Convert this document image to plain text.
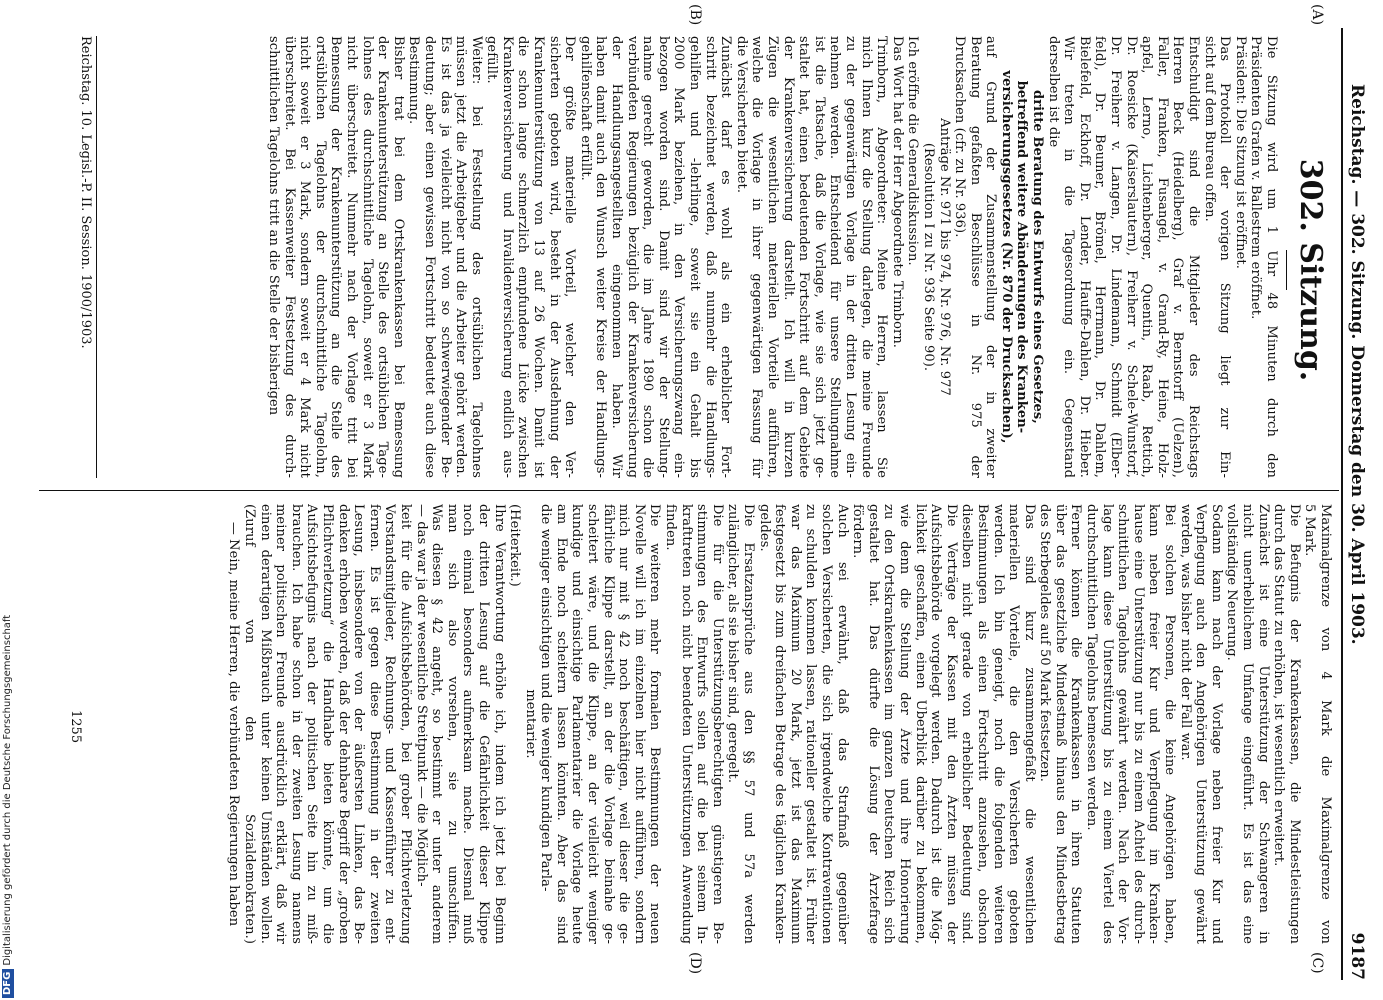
Reichstag. — 302. Sitzung. Donnerstag den 30. April 1903.
9187
302. Sitzung.
(A)
(B)
(C)
(D)
Die Sitzung wird um 1 Uhr 48 Minuten durch den
Präsidenten Grafen v. Ballestrem eröffnet.
Präsident: Die Sitzung ist eröffnet.
Das Protokoll der vorigen Sitzung liegt zur Ein-
sicht auf dem Bureau offen.
Entschuldigt sind die Mitglieder des Reichstags
Herren Beck (Heidelberg), Graf v. Bernstorff (Uelzen),
Faller, Franken, Fusangel, v. Grand-Ry, Heine, Holz-
apfel, Lerno, Lichtenberger, Quentin, Raab, Rettich,
Dr. Roesicke (Kaiserslautern), Freiherr v. Schele-Wunstorf,
Dr. Freiherr v. Langen, Dr. Lindemann, Schmidt (Elber-
feld), Dr. Beumer, Brömel, Herrmann, Dr. Dahlem,
Bielefeld, Eckhoff, Dr. Lender, Hauffe-Dahlen, Dr. Hieber.
Wir treten in die Tagesordnung ein. Gegenstand
derselben ist die
dritte Beratung des Entwurfs eines Gesetzes,
betreffend weitere Abänderungen des Kranken-
versicherungsgesetzes (Nr. 870 der Drucksachen),
auf Grund der Zusammenstellung der in zweiter
Beratung gefaßten Beschlüsse in Nr. 975 der
Drucksachen (cfr. zu Nr. 936).
Anträge Nr. 971 bis 974, Nr. 976, Nr. 977
(Resolution I zu Nr. 936 Seite 90).
Ich eröffne die Generaldiskussion.
Das Wort hat der Herr Abgeordnete Trimborn.
Trimborn, Abgeordneter: Meine Herren, lassen Sie
mich Ihnen kurz die Stellung darlegen, die meine Freunde
zu der gegenwärtigen Vorlage in der dritten Lesung ein-
nehmen werden. Entscheidend für unsere Stellungnahme
ist die Tatsache, daß die Vorlage, wie sie sich jetzt ge-
staltet hat, einen bedeutenden Fortschritt auf dem Gebiete
der Krankenversicherung darstellt. Ich will in kurzen
Zügen die wesentlichen materiellen Vorteile aufführen,
welche die Vorlage in ihrer gegenwärtigen Fassung für
die Versicherten bietet.
Zunächst darf es wohl als ein erheblicher Fort-
schritt bezeichnet werden, daß nunmehr die Handlungs-
gehilfen und -lehrlinge, soweit sie ein Gehalt bis
2000 Mark beziehen, in den Versicherungszwang ein-
bezogen worden sind. Damit sind wir der Stellung-
nahme gerecht geworden, die im Jahre 1890 schon die
verbündeten Regierungen bezüglich der Krankenversicherung
der Handlungsangestellten eingenommen haben. Wir
haben damit auch den Wunsch weiter Kreise der Handlungs-
gehilfenschaft erfüllt.
Der größte materielle Vorteil, welcher den Ver-
sicherten geboten wird, besteht in der Ausdehnung der
Krankenunterstützung von 13 auf 26 Wochen. Damit ist
die schon lange schmerzlich empfundene Lücke zwischen
Krankenversicherung und Invalidenversicherung endlich aus-
gefüllt.
Weiter: bei Feststellung des ortsüblichen Tagelohnes
müssen jetzt die Arbeitgeber und die Arbeiter gehört werden.
Es ist das ja vielleicht nicht von so schwerwiegender Be-
deutung; aber einen gewissen Fortschritt bedeutet auch diese
Bestimmung.
Bisher trat bei dem Ortskrankenkassen bei Bemessung
der Krankenunterstützung an Stelle des ortsüblichen Tage-
lohnes des durchschnittliche Tagelohn, soweit er 3 Mark
nicht überschreitet. Nunmehr nach der Vorlage tritt bei
Bemessung der Krankenunterstützung an die Stelle des
ortsüblichen Tagelohns der durchschnittliche Tagelohn,
nicht soweit er 3 Mark, sondern soweit er 4 Mark nicht
überschreitet. Bei Kassenweiter Festsetzung des durch-
schnittlichen Tagelohns tritt an die Stelle der bisherigen
Reichstag. 10. Legisl.-P. II. Session. 1900/1903.
Maximalgrenze von 4 Mark die Maximalgrenze von
5 Mark.
Die Befugnis der Krankenkassen, die Mindestleistungen
durch das Statut zu erhöhen, ist wesentlich erweitert.
Zunächst ist eine Unterstützung der Schwangeren in
nicht unerheblichem Umfange eingeführt. Es ist das eine
vollständige Neuerung.
Sodann kann nach der Vorlage neben freier Kur und
Verpflegung auch den Angehörigen Unterstützung gewährt
werden, was bisher nicht der Fall war.
Bei solchen Personen, die keine Angehörigen haben,
kann neben freier Kur und Verpflegung im Kranken-
hause eine Unterstützung nur bis zu einem Achtel des durch-
schnittlichen Tagelohns gewährt werden. Nach der Vor-
lage kann diese Unterstützung bis zu einem Viertel des
durchschnittlichen Tagelohns bemessen werden.
Ferner können die Krankenkassen in ihren Statuten
über das gesetzliche Mindestmaß hinaus den Mindestbetrag
des Sterbegeldes auf 50 Mark festsetzen.
Das sind kurz zusammengefaßt die wesentlichen
materiellen Vorteile, die den Versicherten geboten
werden. Ich bin geneigt, noch die folgenden weiteren
Bestimmungen als einen Fortschritt anzusehen, obschon
dieselben nicht gerade von erheblicher Bedeutung sind.
Die Verträge der Kassen mit den Ärzten müssen der
Aufsichtsbehörde vorgelegt werden. Dadurch ist die Mög-
lichkeit geschaffen, einen Überblick darüber zu bekommen,
wie denn die Stellung der Ärzte und ihre Honorierung
zu den Ortskrankenkassen im ganzen Deutschen Reich sich
gestaltet hat. Das dürfte die Lösung der Ärztefrage
fördern.
Auch sei erwähnt, daß das Strafmaß gegenüber
solchen Versicherten, die sich irgendwelche Kontraventionen
zu schulden kommen lassen, rationeller gestaltet ist. Früher
war das Maximum 20 Mark, jetzt ist das Maximum
festgesetzt bis zum dreifachen Betrage des täglichen Kranken-
geldes.
Die Ersatzansprüche aus den §§ 57 und 57a werden
zulänglicher, als sie bisher sind, geregelt.
Die für die Unterstützungsberechtigten günstigeren Be-
stimmungen des Entwurfs sollen auf die bei seinem In-
krafttreten noch nicht beendeten Unterstützungen Anwendung
finden.
Die weiteren mehr formalen Bestimmungen der neuen
Novelle will ich im einzelnen hier nicht aufführen, sondern
mich nur mit § 42 noch beschäftigen, weil dieser die ge-
fährliche Klippe darstellt, an der die Vorlage beinahe ge-
scheitert wäre, und die Klippe, an der vielleicht weniger
kundige und einsichtige Parlamentarier die Vorlage heute
am Ende noch scheitern lassen könnten. Aber das sind
die weniger einsichtigen und die weniger kundigen Parla-
mentarier.
(Heiterkeit.)
Ihre Verantwortung erhöhe ich, indem ich jetzt bei Beginn
der dritten Lesung auf die Gefährlichkeit dieser Klippe
noch einmal besonders aufmerksam mache. Diesmal muß
man sich also vorsehen, sie zu umschiffen.
Was diesen § 42 angeht, so bestimmt er unter anderem
— das war ja der wesentliche Streitpunkt — die Möglich-
keit für die Aufsichtsbehörden, bei grober Pflichtverletzung
Vorstandsmitglieder, Rechnungs- und Kassenführer zu ent-
fernen. Es ist gegen diese Bestimmung in der zweiten
Lesung, insbesondere von der äußersten Linken, das Be-
denken erhoben worden, daß der dehnbare Begriff der „groben
Pflichtverletzung“ die Handhabe bieten könnte, um die
Aufsichtsbefugnis nach der politischen Seite hin zu miß-
brauchen. Ich habe schon in der zweiten Lesung namens
meiner politischen Freunde ausdrücklich erklärt, daß wir
einen derartigen Mißbrauch unter keinen Umständen wollen.
(Zuruf von den Sozialdemokraten.)
— Nein, meine Herren, die verbündeten Regierungen haben
1255
DFGDigitalisierung gefördert durch die Deutsche Forschungsgemeinschaft
